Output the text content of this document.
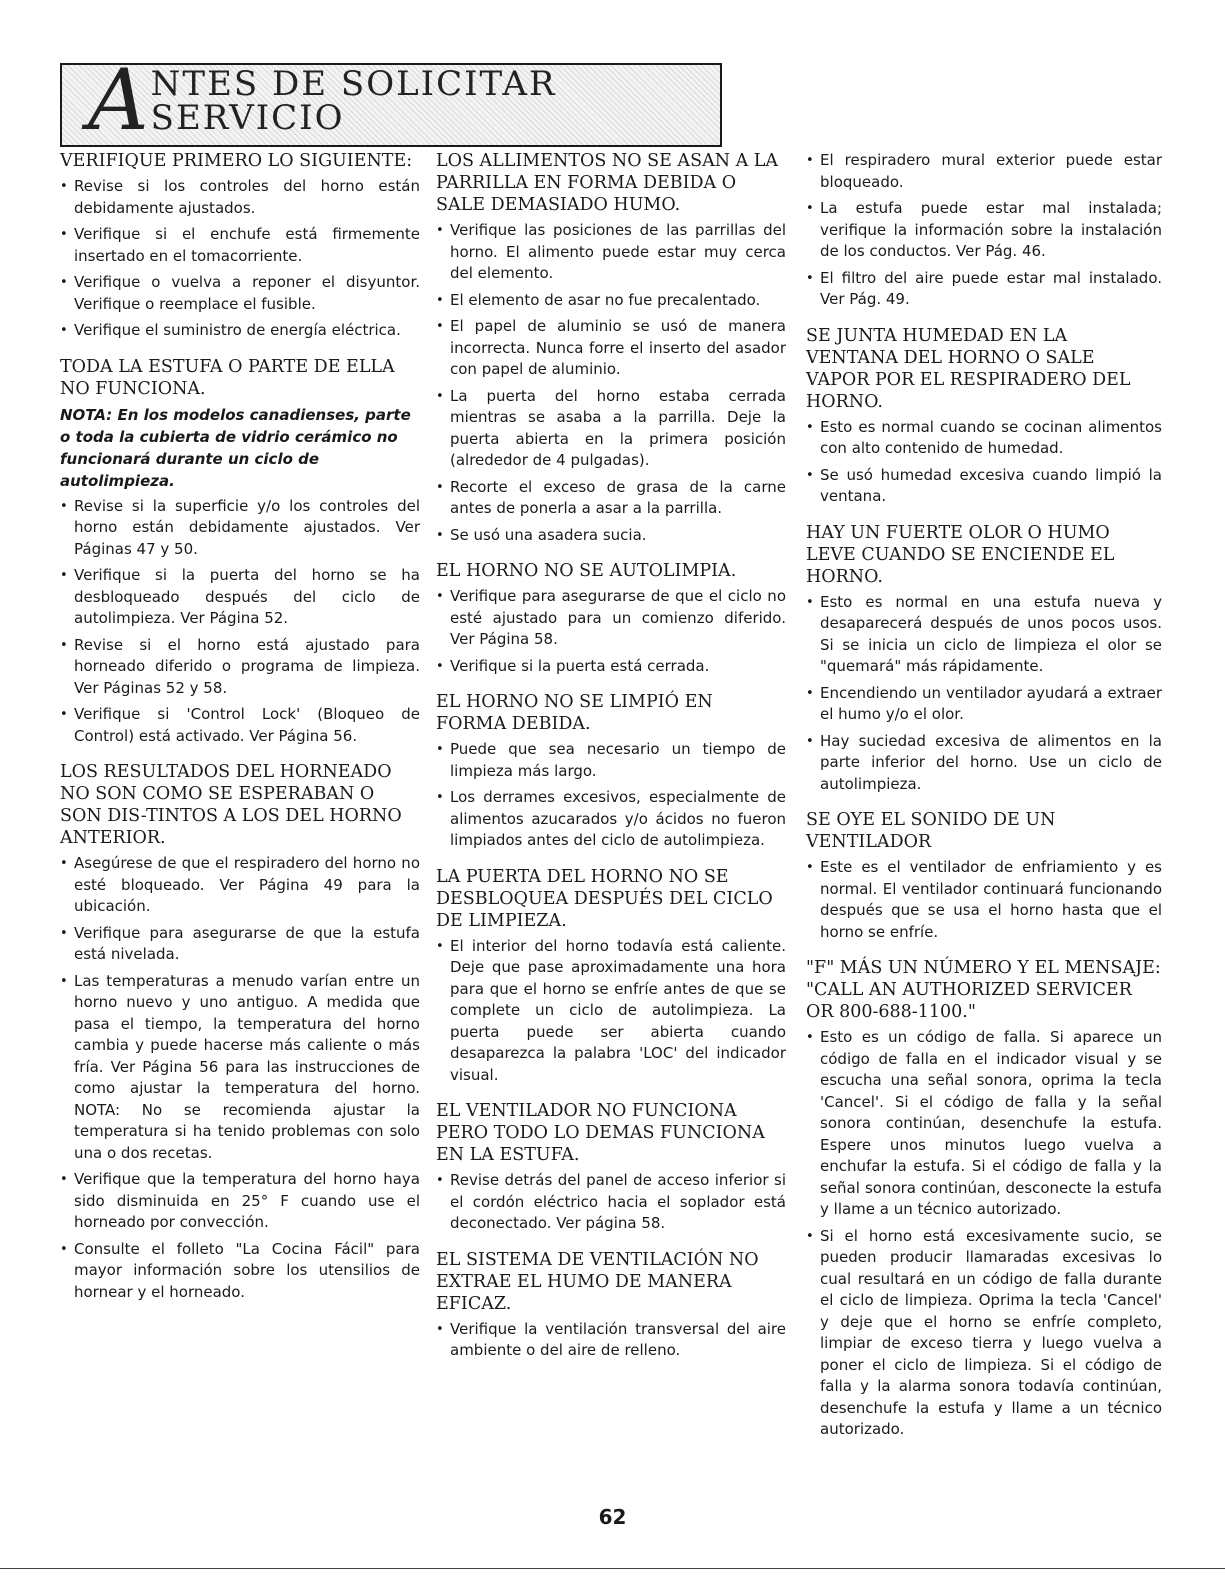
A NTES DE SOLICITAR SERVICIO
VERIFIQUE PRIMERO LO SIGUIENTE:
• Revise si los controles del horno están debidamente ajustados.
• Verifique si el enchufe está firmemente insertado en el tomacorriente.
• Verifique o vuelva a reponer el disyuntor. Verifique o reemplace el fusible.
• Verifique el suministro de energía eléctrica.
TODA LA ESTUFA O PARTE DE ELLA NO FUNCIONA.
NOTA: En los modelos canadienses, parte o toda la cubierta de vidrio cerámico no funcionará durante un ciclo de autolimpieza.
• Revise si la superficie y/o los controles del horno están debidamente ajustados. Ver Páginas 47 y 50.
• Verifique si la puerta del horno se ha desbloqueado después del ciclo de autolimpieza. Ver Página 52.
• Revise si el horno está ajustado para horneado diferido o programa de limpieza. Ver Páginas 52 y 58.
• Verifique si 'Control Lock' (Bloqueo de Control) está activado. Ver Página 56.
LOS RESULTADOS DEL HORNEADO NO SON COMO SE ESPERABAN O SON DIS-TINTOS A LOS DEL HORNO ANTERIOR.
• Asegúrese de que el respiradero del horno no esté bloqueado. Ver Página 49 para la ubicación.
• Verifique para asegurarse de que la estufa está nivelada.
• Las temperaturas a menudo varían entre un horno nuevo y uno antiguo. A medida que pasa el tiempo, la temperatura del horno cambia y puede hacerse más caliente o más fría. Ver Página 56 para las instrucciones de como ajustar la temperatura del horno. NOTA: No se recomienda ajustar la temperatura si ha tenido problemas con solo una o dos recetas.
• Verifique que la temperatura del horno haya sido disminuida en 25° F cuando use el horneado por convección.
• Consulte el folleto "La Cocina Fácil" para mayor información sobre los utensilios de hornear y el horneado.
LOS ALLIMENTOS NO SE ASAN A LA PARRILLA EN FORMA DEBIDA O SALE DEMASIADO HUMO.
• Verifique las posiciones de las parrillas del horno. El alimento puede estar muy cerca del elemento.
• El elemento de asar no fue precalentado.
• El papel de aluminio se usó de manera incorrecta. Nunca forre el inserto del asador con papel de aluminio.
• La puerta del horno estaba cerrada mientras se asaba a la parrilla. Deje la puerta abierta en la primera posición (alrededor de 4 pulgadas).
• Recorte el exceso de grasa de la carne antes de ponerla a asar a la parrilla.
• Se usó una asadera sucia.
EL HORNO NO SE AUTOLIMPIA.
• Verifique para asegurarse de que el ciclo no esté ajustado para un comienzo diferido. Ver Página 58.
• Verifique si la puerta está cerrada.
EL HORNO NO SE LIMPIÓ EN FORMA DEBIDA.
• Puede que sea necesario un tiempo de limpieza más largo.
• Los derrames excesivos, especialmente de alimentos azucarados y/o ácidos no fueron limpiados antes del ciclo de autolimpieza.
LA PUERTA DEL HORNO NO SE DESBLOQUEA DESPUÉS DEL CICLO DE LIMPIEZA.
• El interior del horno todavía está caliente. Deje que pase aproximadamente una hora para que el horno se enfríe antes de que se complete un ciclo de autolimpieza. La puerta puede ser abierta cuando desaparezca la palabra 'LOC' del indicador visual.
EL VENTILADOR NO FUNCIONA PERO TODO LO DEMAS FUNCIONA EN LA ESTUFA.
• Revise detrás del panel de acceso inferior si el cordón eléctrico hacia el soplador está deconectado. Ver página 58.
EL SISTEMA DE VENTILACIÓN NO EXTRAE EL HUMO DE MANERA EFICAZ.
• Verifique la ventilación transversal del aire ambiente o del aire de relleno.
• El respiradero mural exterior puede estar bloqueado.
• La estufa puede estar mal instalada; verifique la información sobre la instalación de los conductos. Ver Pág. 46.
• El filtro del aire puede estar mal instalado. Ver Pág. 49.
SE JUNTA HUMEDAD EN LA VENTANA DEL HORNO O SALE VAPOR POR EL RESPIRADERO DEL HORNO.
• Esto es normal cuando se cocinan alimentos con alto contenido de humedad.
• Se usó humedad excesiva cuando limpió la ventana.
HAY UN FUERTE OLOR O HUMO LEVE CUANDO SE ENCIENDE EL HORNO.
• Esto es normal en una estufa nueva y desaparecerá después de unos pocos usos. Si se inicia un ciclo de limpieza el olor se "quemará" más rápidamente.
• Encendiendo un ventilador ayudará a extraer el humo y/o el olor.
• Hay suciedad excesiva de alimentos en la parte inferior del horno. Use un ciclo de autolimpieza.
SE OYE EL SONIDO DE UN VENTILADOR
• Este es el ventilador de enfriamiento y es normal. El ventilador continuará funcionando después que se usa el horno hasta que el horno se enfríe.
"F" MÁS UN NÚMERO Y EL MENSAJE: "CALL AN AUTHORIZED SERVICER OR 800-688-1100."
• Esto es un código de falla. Si aparece un código de falla en el indicador visual y se escucha una señal sonora, oprima la tecla 'Cancel'. Si el código de falla y la señal sonora continúan, desenchufe la estufa. Espere unos minutos luego vuelva a enchufar la estufa. Si el código de falla y la señal sonora continúan, desconecte la estufa y llame a un técnico autorizado.
• Si el horno está excesivamente sucio, se pueden producir llamaradas excesivas lo cual resultará en un código de falla durante el ciclo de limpieza. Oprima la tecla 'Cancel' y deje que el horno se enfríe completo, limpiar de exceso tierra y luego vuelva a poner el ciclo de limpieza. Si el código de falla y la alarma sonora todavía continúan, desenchufe la estufa y llame a un técnico autorizado.
62
